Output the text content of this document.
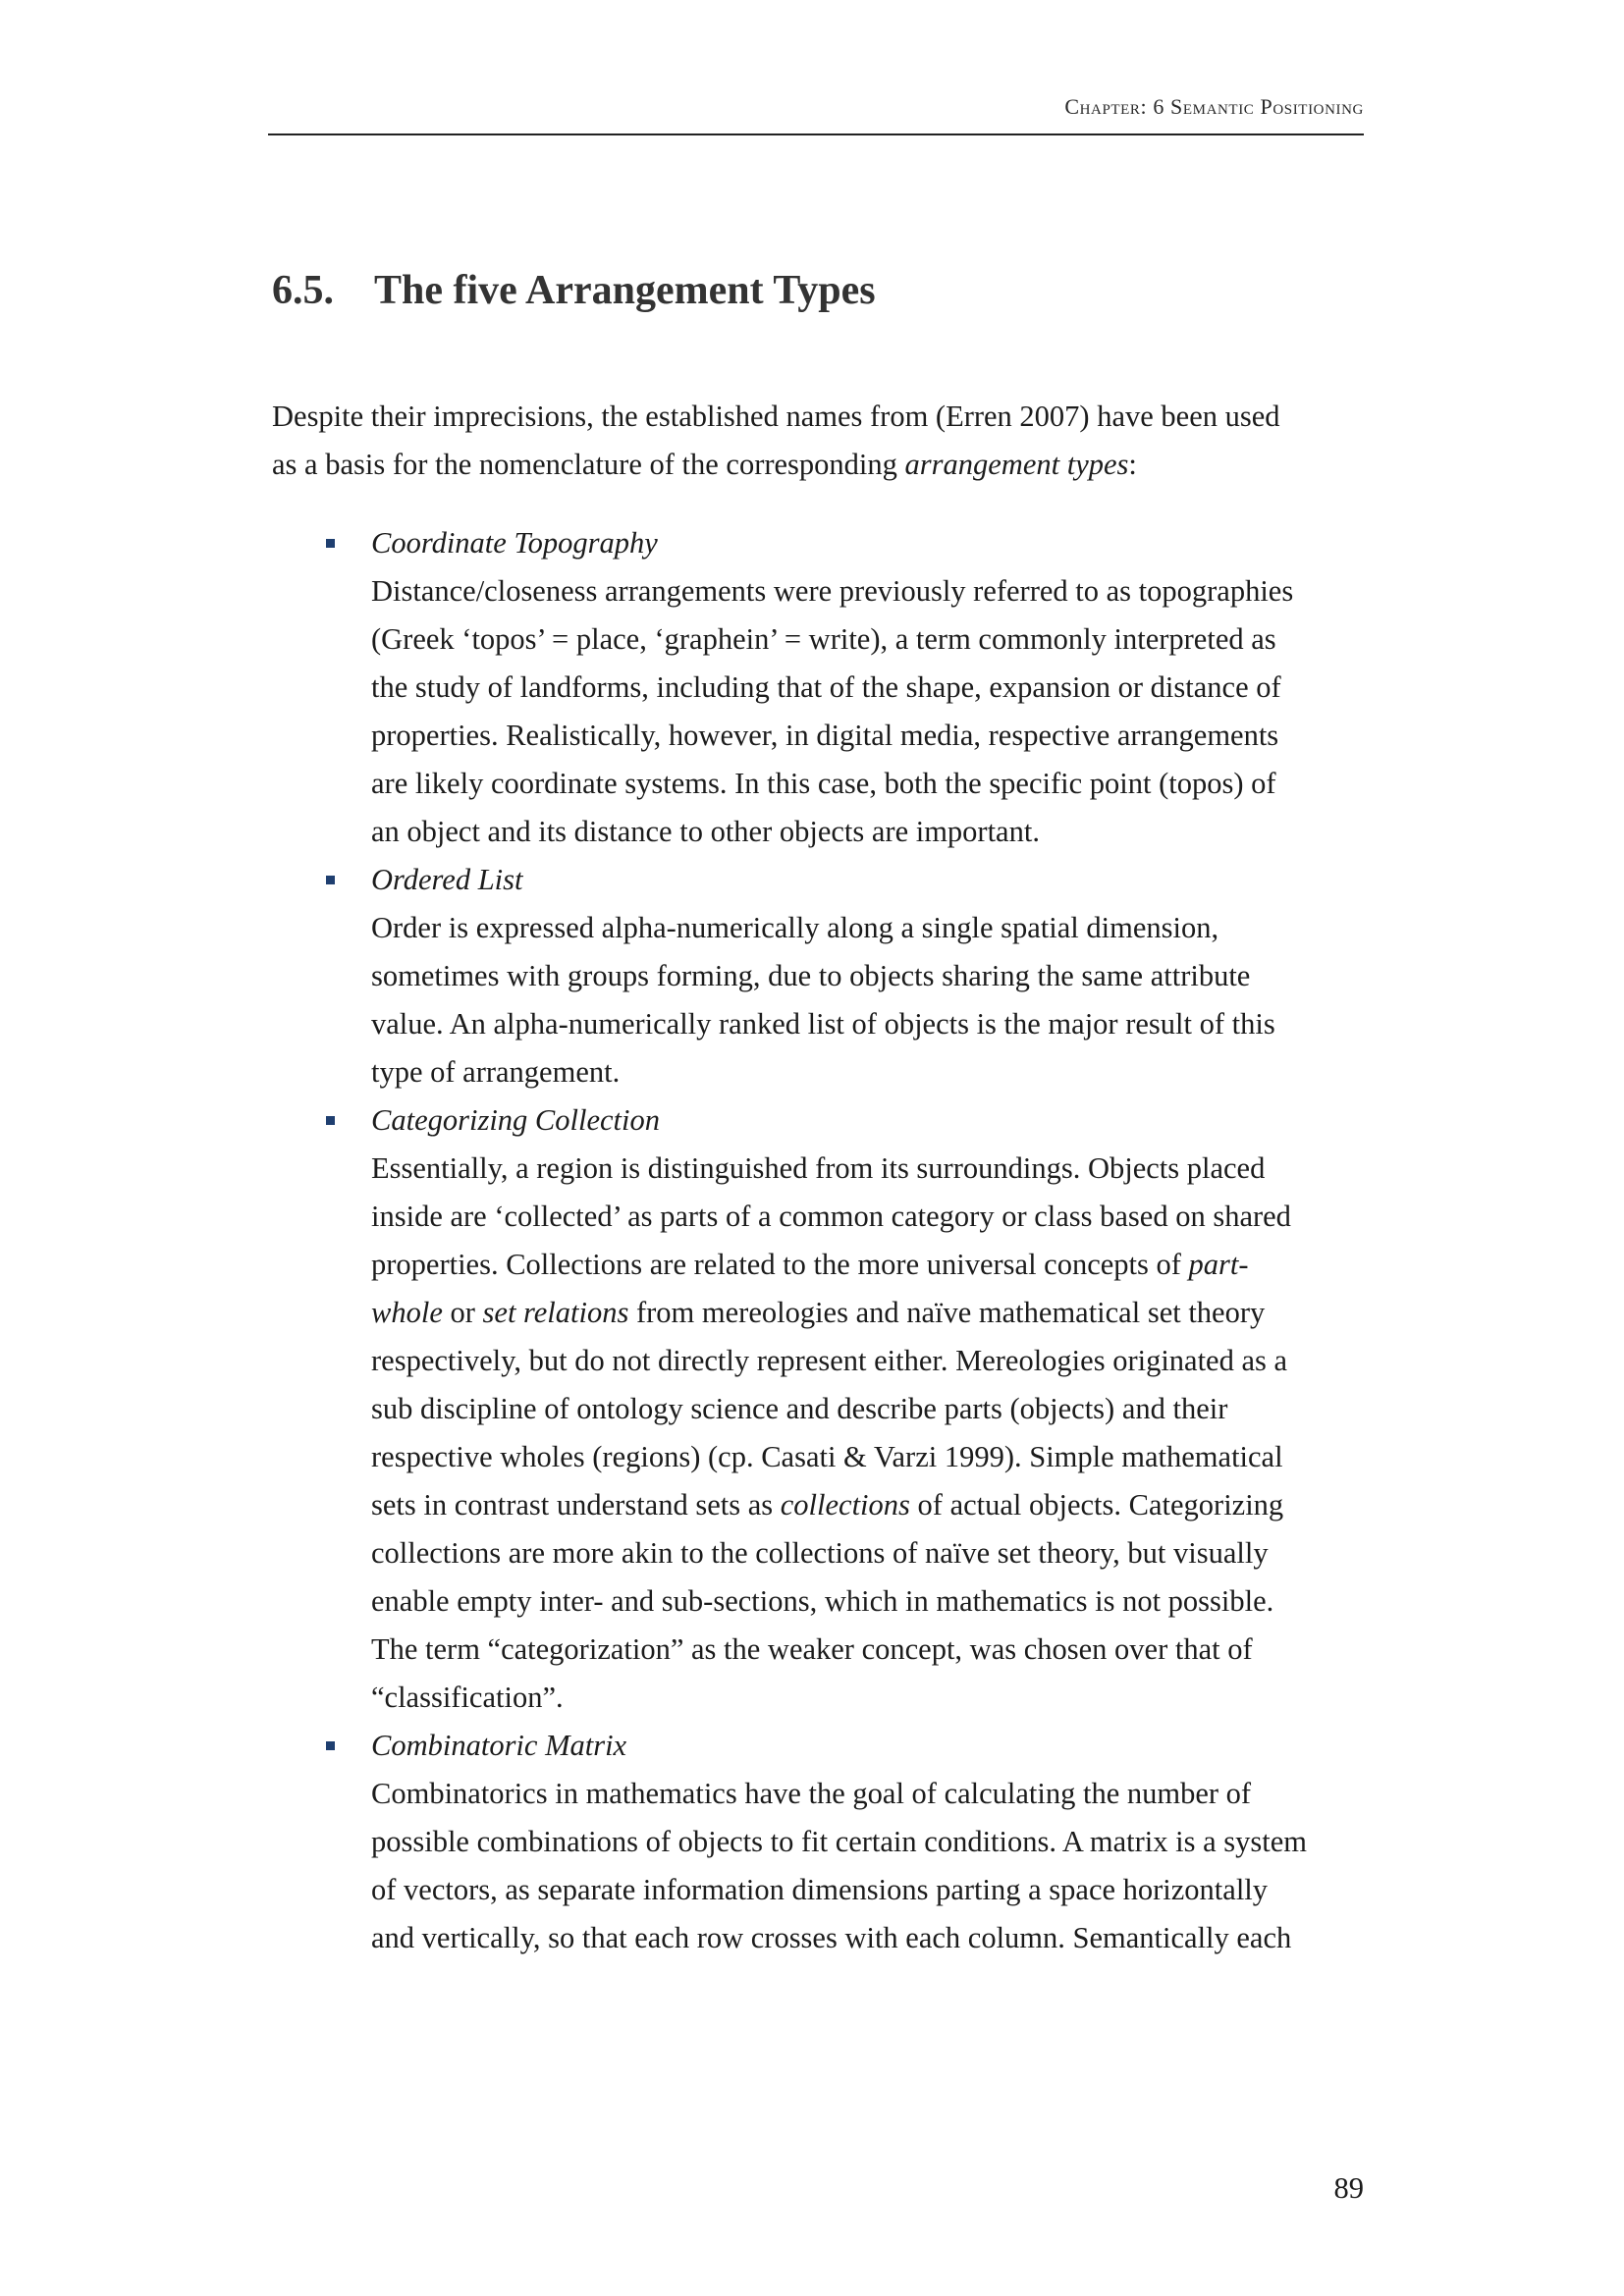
Chapter: 6 Semantic Positioning
6.5. The five Arrangement Types

Despite their imprecisions, the established names from (Erren 2007) have been used
as a basis for the nomenclature of the corresponding arrangement types:

Coordinate Topography
Distance/closeness arrangements were previously referred to as topographies
(Greek ‘topos’ = place, ‘graphein’ = write), a term commonly interpreted as
the study of landforms, including that of the shape, expansion or distance of
properties. Realistically, however, in digital media, respective arrangements
are likely coordinate systems. In this case, both the specific point (topos) of
an object and its distance to other objects are important.
Ordered List
Order is expressed alpha-numerically along a single spatial dimension,
sometimes with groups forming, due to objects sharing the same attribute
value. An alpha-numerically ranked list of objects is the major result of this
type of arrangement.
Categorizing Collection
Essentially, a region is distinguished from its surroundings. Objects placed
inside are ‘collected’ as parts of a common category or class based on shared
properties. Collections are related to the more universal concepts of part-
whole or set relations from mereologies and naïve mathematical set theory
respectively, but do not directly represent either. Mereologies originated as a
sub discipline of ontology science and describe parts (objects) and their
respective wholes (regions) (cp. Casati & Varzi 1999). Simple mathematical
sets in contrast understand sets as collections of actual objects. Categorizing
collections are more akin to the collections of naïve set theory, but visually
enable empty inter- and sub-sections, which in mathematics is not possible.
The term “categorization” as the weaker concept, was chosen over that of
“classification”.
Combinatoric Matrix
Combinatorics in mathematics have the goal of calculating the number of
possible combinations of objects to fit certain conditions. A matrix is a system
of vectors, as separate information dimensions parting a space horizontally
and vertically, so that each row crosses with each column. Semantically each
89
